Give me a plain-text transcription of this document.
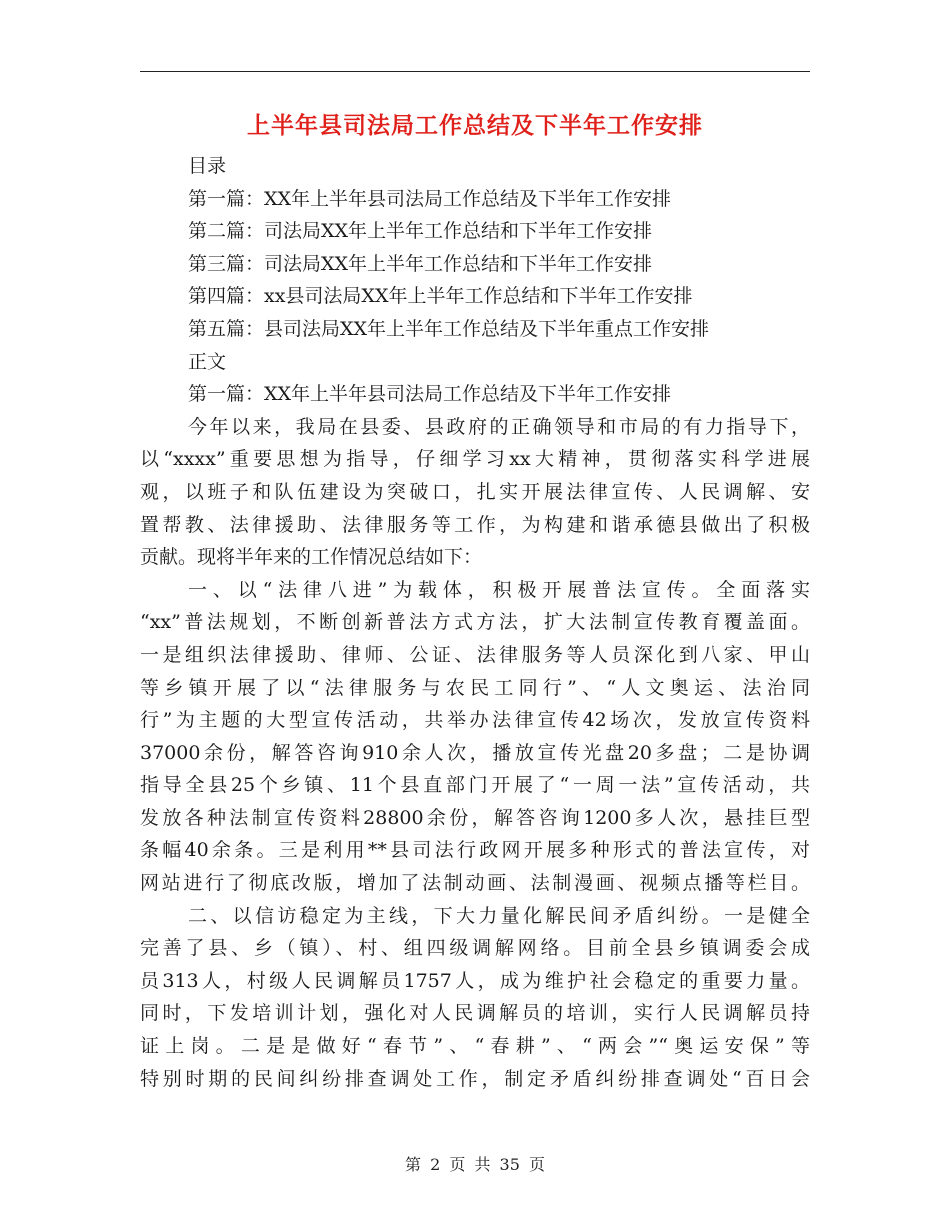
上半年县司法局工作总结及下半年工作安排
目录
第一篇：XX年上半年县司法局工作总结及下半年工作安排
第二篇：司法局XX年上半年工作总结和下半年工作安排
第三篇：司法局XX年上半年工作总结和下半年工作安排
第四篇：xx县司法局XX年上半年工作总结和下半年工作安排
第五篇：县司法局XX年上半年工作总结及下半年重点工作安排
正文
第一篇：XX年上半年县司法局工作总结及下半年工作安排
今年以来，我局在县委、县政府的正确领导和市局的有力指导下，
以“xxxx”重要思想为指导，仔细学习xx大精神，贯彻落实科学进展
观，以班子和队伍建设为突破口，扎实开展法律宣传、人民调解、安
置帮教、法律援助、法律服务等工作，为构建和谐承德县做出了积极
贡献。现将半年来的工作情况总结如下：
一、以“法律八进”为载体，积极开展普法宣传。全面落实
“xx”普法规划，不断创新普法方式方法，扩大法制宣传教育覆盖面。
一是组织法律援助、律师、公证、法律服务等人员深化到八家、甲山
等乡镇开展了以“法律服务与农民工同行”、“人文奥运、法治同
行”为主题的大型宣传活动，共举办法律宣传42场次，发放宣传资料
37000余份，解答咨询910余人次，播放宣传光盘20多盘；二是协调
指导全县25个乡镇、11个县直部门开展了“一周一法”宣传活动，共
发放各种法制宣传资料28800余份，解答咨询1200多人次，悬挂巨型
条幅40余条。三是利用**县司法行政网开展多种形式的普法宣传，对
网站进行了彻底改版，增加了法制动画、法制漫画、视频点播等栏目。
二、以信访稳定为主线，下大力量化解民间矛盾纠纷。一是健全
完善了县、乡（镇）、村、组四级调解网络。目前全县乡镇调委会成
员313人，村级人民调解员1757人，成为维护社会稳定的重要力量。
同时，下发培训计划，强化对人民调解员的培训，实行人民调解员持
证上岗。二是是做好“春节”、“春耕”、“两会”“奥运安保”等
特别时期的民间纠纷排查调处工作，制定矛盾纠纷排查调处“百日会
第 2 页 共 35 页
